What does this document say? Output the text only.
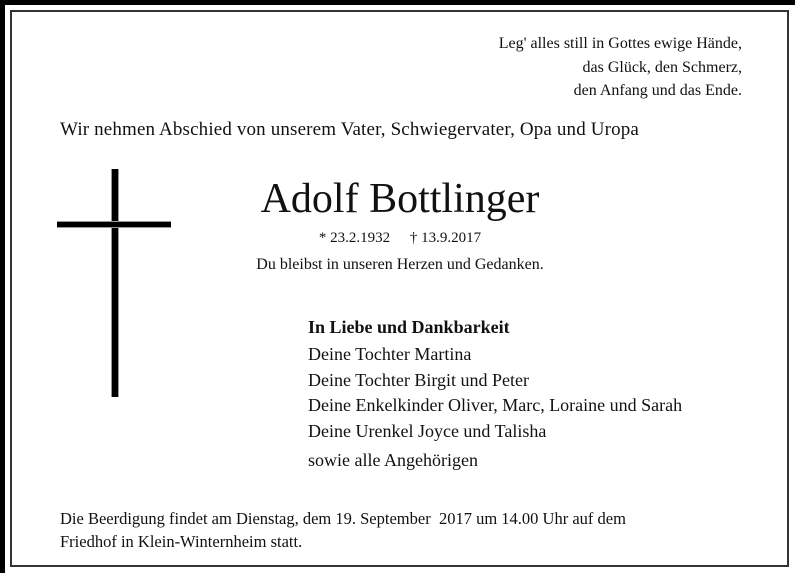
Leg' alles still in Gottes ewige Hände,
das Glück, den Schmerz,
den Anfang und das Ende.
Wir nehmen Abschied von unserem Vater, Schwiegervater, Opa und Uropa
Adolf Bottlinger
* 23.2.1932 † 13.9.2017
Du bleibst in unseren Herzen und Gedanken.
In Liebe und Dankbarkeit
Deine Tochter Martina
Deine Tochter Birgit und Peter
Deine Enkelkinder Oliver, Marc, Loraine und Sarah
Deine Urenkel Joyce und Talisha
sowie alle Angehörigen
Die Beerdigung findet am Dienstag, dem 19. September  2017 um 14.00 Uhr auf dem
Friedhof in Klein-Winternheim statt.
